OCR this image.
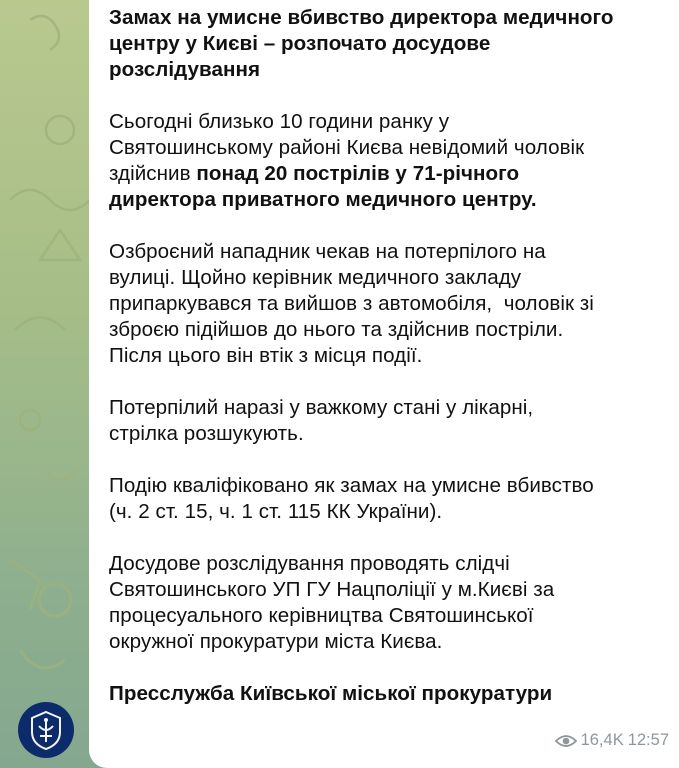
Замах на умисне вбивство директора медичного
центру у Києві – розпочато досудове
розслідування

Сьогодні близько 10 години ранку у
Святошинському районі Києва невідомий чоловік
здійснив понад 20 пострілів у 71-річного
директора приватного медичного центру.

Озброєний нападник чекав на потерпілого на
вулиці. Щойно керівник медичного закладу
припаркувався та вийшов з автомобіля,  чоловік зі
зброєю підійшов до нього та здійснив постріли.
Після цього він втік з місця події.

Потерпілий наразі у важкому стані у лікарні,
стрілка розшукують.

Подію кваліфіковано як замах на умисне вбивство
(ч. 2 ст. 15, ч. 1 ст. 115 КК України).

Досудове розслідування проводять слідчі
Святошинського УП ГУ Нацполіції у м.Києві за
процесуального керівництва Святошинської
окружної прокуратури міста Києва.

Пресслужба Київської міської прокуратури

16,4K 12:57
